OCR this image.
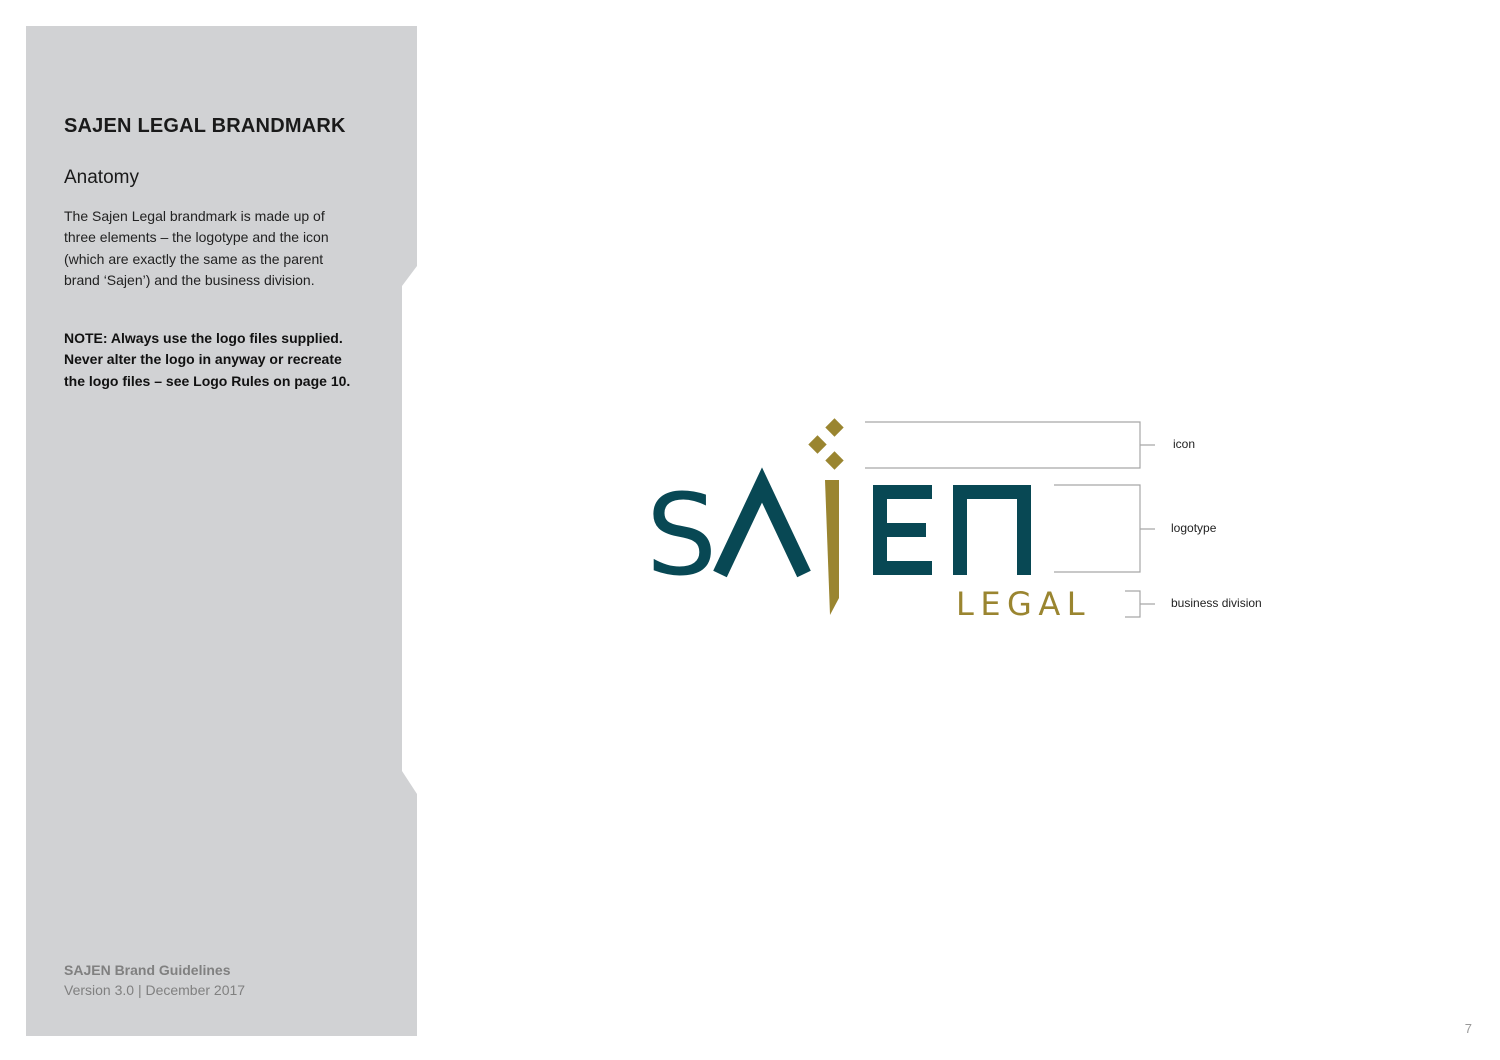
SAJEN LEGAL BRANDMARK
Anatomy
The Sajen Legal brandmark is made up of three elements – the logotype and the icon (which are exactly the same as the parent brand ‘Sajen’) and the business division.
NOTE: Always use the logo files supplied. Never alter the logo in anyway or recreate the logo files – see Logo Rules on page 10.
SAJEN Brand Guidelines
Version 3.0 | December 2017
S
LEGAL
icon
logotype
business division
7
